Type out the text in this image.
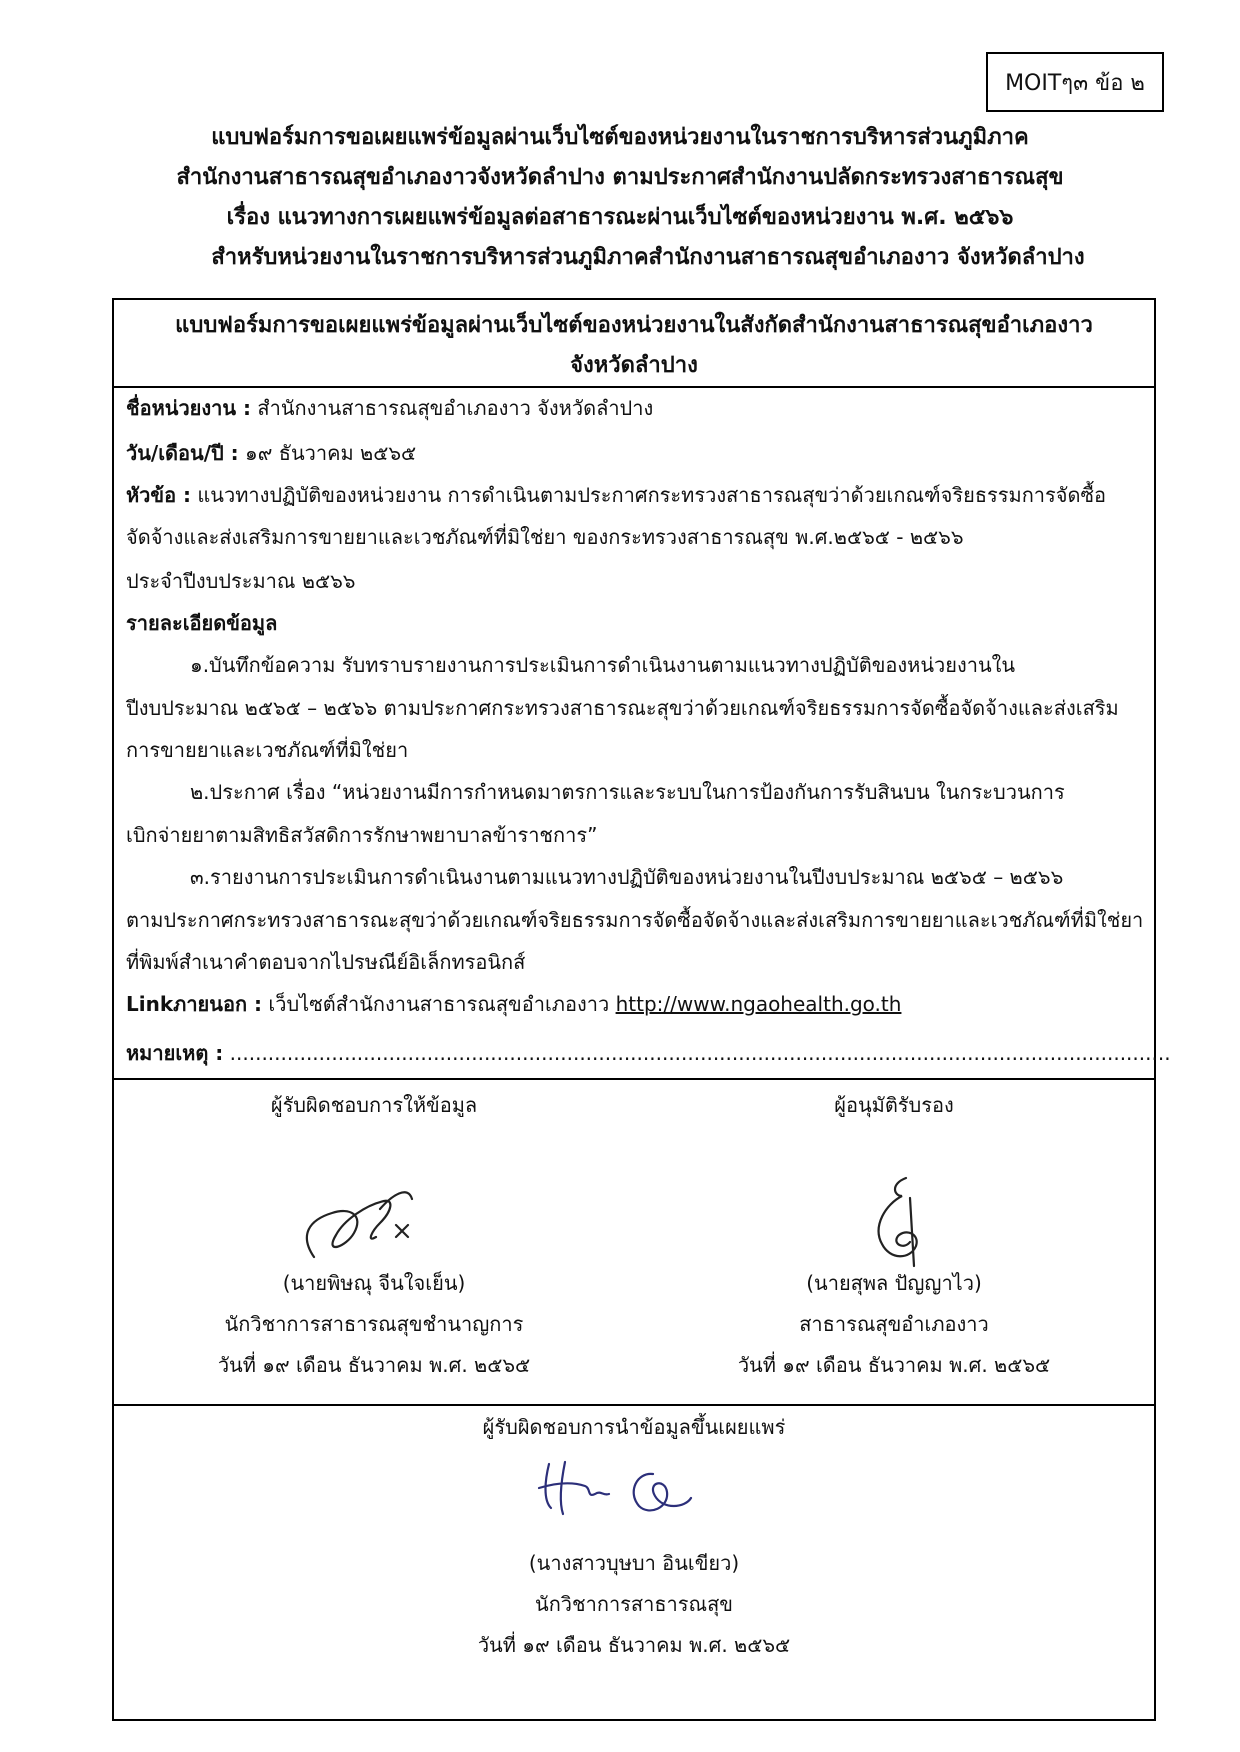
MOITๆ๓ ข้อ ๒
แบบฟอร์มการขอเผยแพร่ข้อมูลผ่านเว็บไซต์ของหน่วยงานในราชการบริหารส่วนภูมิภาค
สำนักงานสาธารณสุขอำเภองาวจังหวัดลำปาง ตามประกาศสำนักงานปลัดกระทรวงสาธารณสุข
เรื่อง แนวทางการเผยแพร่ข้อมูลต่อสาธารณะผ่านเว็บไซต์ของหน่วยงาน พ.ศ. ๒๕๖๖
สำหรับหน่วยงานในราชการบริหารส่วนภูมิภาคสำนักงานสาธารณสุขอำเภองาว จังหวัดลำปาง
แบบฟอร์มการขอเผยแพร่ข้อมูลผ่านเว็บไซต์ของหน่วยงานในสังกัดสำนักงานสาธารณสุขอำเภองาว
จังหวัดลำปาง
ชื่อหน่วยงาน : สำนักงานสาธารณสุขอำเภองาว จังหวัดลำปาง
วัน/เดือน/ปี : ๑๙ ธันวาคม ๒๕๖๕
หัวข้อ : แนวทางปฏิบัติของหน่วยงาน การดำเนินตามประกาศกระทรวงสาธารณสุขว่าด้วยเกณฑ์จริยธรรมการจัดซื้อ
จัดจ้างและส่งเสริมการขายยาและเวชภัณฑ์ที่มิใช่ยา ของกระทรวงสาธารณสุข พ.ศ.๒๕๖๕ - ๒๕๖๖
ประจำปีงบประมาณ ๒๕๖๖
รายละเอียดข้อมูล
๑.บันทึกข้อความ รับทราบรายงานการประเมินการดำเนินงานตามแนวทางปฏิบัติของหน่วยงานใน
ปีงบประมาณ ๒๕๖๕ – ๒๕๖๖ ตามประกาศกระทรวงสาธารณะสุขว่าด้วยเกณฑ์จริยธรรมการจัดซื้อจัดจ้างและส่งเสริม
การขายยาและเวชภัณฑ์ที่มิใช่ยา
๒.ประกาศ เรื่อง “หน่วยงานมีการกำหนดมาตรการและระบบในการป้องกันการรับสินบน ในกระบวนการ
เบิกจ่ายยาตามสิทธิสวัสดิการรักษาพยาบาลข้าราชการ”
๓.รายงานการประเมินการดำเนินงานตามแนวทางปฏิบัติของหน่วยงานในปีงบประมาณ ๒๕๖๕ – ๒๕๖๖
ตามประกาศกระทรวงสาธารณะสุขว่าด้วยเกณฑ์จริยธรรมการจัดซื้อจัดจ้างและส่งเสริมการขายยาและเวชภัณฑ์ที่มิใช่ยา
ที่พิมพ์สำเนาคำตอบจากไปรษณีย์อิเล็กทรอนิกส์
Linkภายนอก : เว็บไซต์สำนักงานสาธารณสุขอำเภองาว http://www.ngaohealth.go.th
หมายเหตุ : ....................................................................................................................................................
ผู้รับผิดชอบการให้ข้อมูล
(นายพิษณุ จีนใจเย็น)
นักวิชาการสาธารณสุขชำนาญการ
วันที่ ๑๙ เดือน ธันวาคม พ.ศ. ๒๕๖๕
ผู้อนุมัติรับรอง
(นายสุพล ปัญญาไว)
สาธารณสุขอำเภองาว
วันที่ ๑๙ เดือน ธันวาคม พ.ศ. ๒๕๖๕
ผู้รับผิดชอบการนำข้อมูลขึ้นเผยแพร่
(นางสาวบุษบา อินเขียว)
นักวิชาการสาธารณสุข
วันที่ ๑๙ เดือน ธันวาคม พ.ศ. ๒๕๖๕
